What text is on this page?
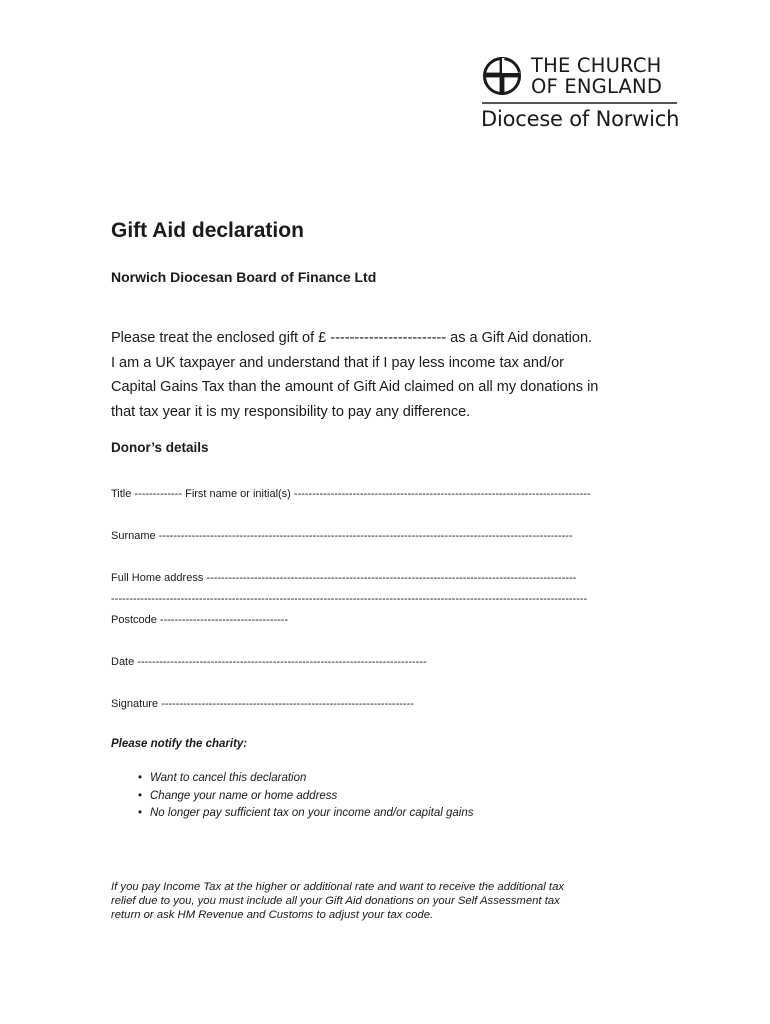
THE CHURCH
OF ENGLAND
Diocese of Norwich
Gift Aid declaration
Norwich Diocesan Board of Finance Ltd
Please treat the enclosed gift of £ ------------------------ as a Gift Aid donation.
I am a UK taxpayer and understand that if I pay less income tax and/or
Capital Gains Tax than the amount of Gift Aid claimed on all my donations in
that tax year it is my responsibility to pay any difference.
Donor’s details
Title ------------- First name or initial(s) ---------------------------------------------------------------------------------
Surname -----------------------------------------------------------------------------------------------------------------
Full Home address -----------------------------------------------------------------------------------------------------
----------------------------------------------------------------------------------------------------------------------------------
Postcode -----------------------------------
Date -------------------------------------------------------------------------------
Signature ---------------------------------------------------------------------
Please notify the charity:
• Want to cancel this declaration
• Change your name or home address
• No longer pay sufficient tax on your income and/or capital gains
If you pay Income Tax at the higher or additional rate and want to receive the additional tax
relief due to you, you must include all your Gift Aid donations on your Self Assessment tax
return or ask HM Revenue and Customs to adjust your tax code.
